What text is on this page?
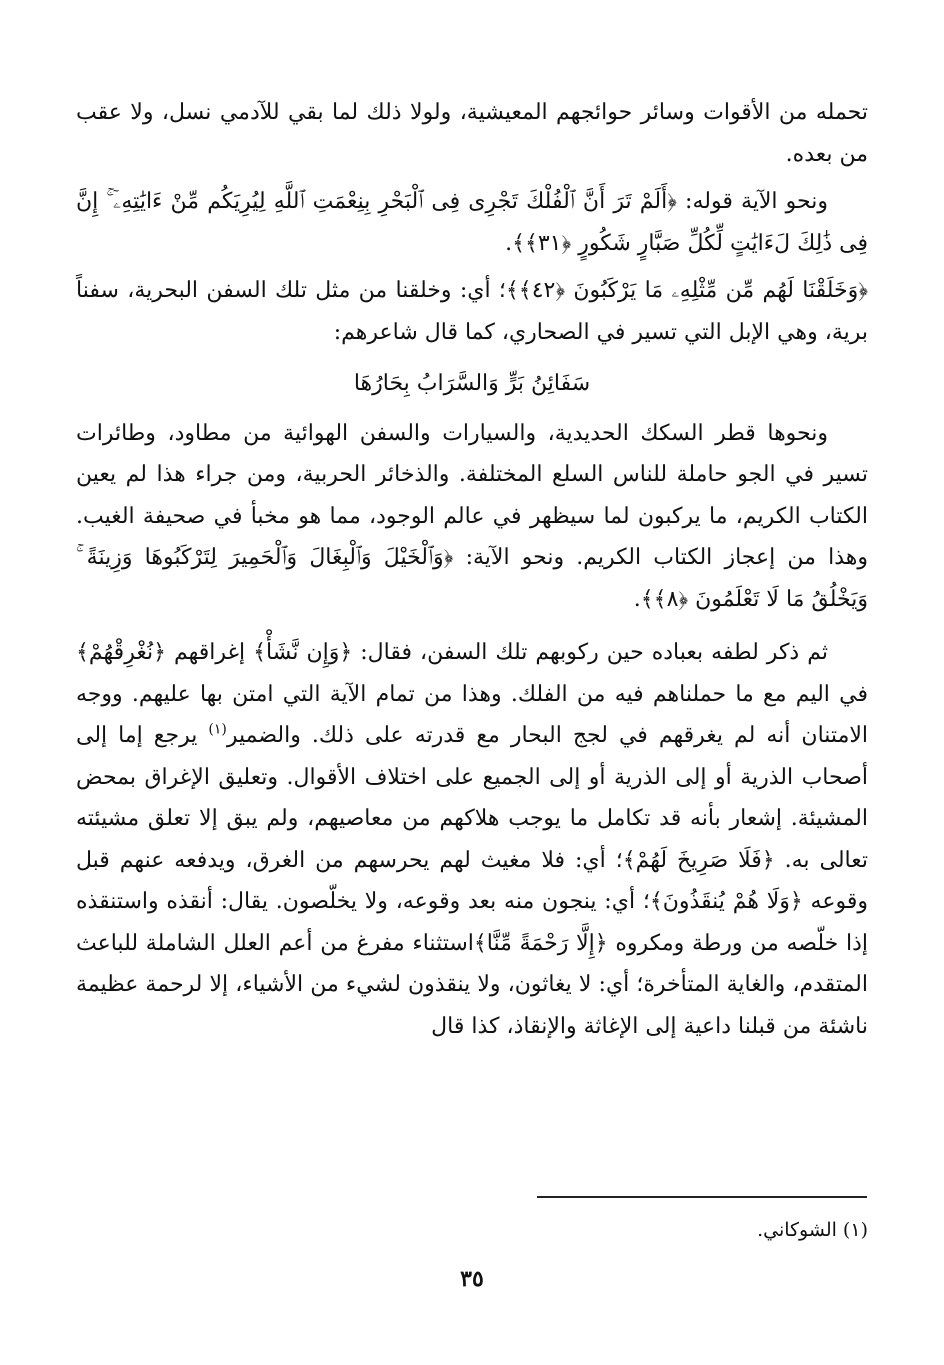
تحمله من الأقوات وسائر حوائجهم المعيشية، ولولا ذلك لما بقي للآدمي نسل، ولا عقب من بعده.

ونحو الآية قوله: ﴿أَلَمْ تَرَ أَنَّ ٱلْفُلْكَ تَجْرِى فِى ٱلْبَحْرِ بِنِعْمَتِ ٱللَّهِ لِيُرِيَكُم مِّنْ ءَايَٰتِهِۦٓ ۚ إِنَّ فِى ذَٰلِكَ لَءَايَٰتٍ لِّكُلِّ صَبَّارٍ شَكُورٍ ﴿٣١﴾﴾.

﴿وَخَلَقْنَا لَهُم مِّن مِّثْلِهِۦ مَا يَرْكَبُونَ ﴿٤٢﴾﴾؛ أي: وخلقنا من مثل تلك السفن البحرية، سفناً برية، وهي الإبل التي تسير في الصحاري، كما قال شاعرهم:

سَفَائِنُ بَرٍّ وَالسَّرَابُ بِحَارُهَا

ونحوها قطر السكك الحديدية، والسيارات والسفن الهوائية من مطاود، وطائرات تسير في الجو حاملة للناس السلع المختلفة. والذخائر الحربية، ومن جراء هذا لم يعين الكتاب الكريم، ما يركبون لما سيظهر في عالم الوجود، مما هو مخبأ في صحيفة الغيب. وهذا من إعجاز الكتاب الكريم. ونحو الآية: ﴿وَٱلْخَيْلَ وَٱلْبِغَالَ وَٱلْحَمِيرَ لِتَرْكَبُوهَا وَزِينَةً ۚ وَيَخْلُقُ مَا لَا تَعْلَمُونَ ﴿٨﴾﴾.

ثم ذكر لطفه بعباده حين ركوبهم تلك السفن، فقال: ﴿وَإِن نَّشَأْ﴾ إغراقهم ﴿نُغْرِقْهُمْ﴾ في اليم مع ما حملناهم فيه من الفلك. وهذا من تمام الآية التي امتن بها عليهم. ووجه الامتنان أنه لم يغرقهم في لجج البحار مع قدرته على ذلك. والضمير$^{(١)}$ يرجع إما إلى أصحاب الذرية أو إلى الذرية أو إلى الجميع على اختلاف الأقوال. وتعليق الإغراق بمحض المشيئة. إشعار بأنه قد تكامل ما يوجب هلاكهم من معاصيهم، ولم يبق إلا تعلق مشيئته تعالى به. ﴿فَلَا صَرِيخَ لَهُمْ﴾؛ أي: فلا مغيث لهم يحرسهم من الغرق، ويدفعه عنهم قبل وقوعه ﴿وَلَا هُمْ يُنقَذُونَ﴾؛ أي: ينجون منه بعد وقوعه، ولا يخلّصون. يقال: أنقذه واستنقذه إذا خلّصه من ورطة ومكروه ﴿إِلَّا رَحْمَةً مِّنَّا﴾استثناء مفرغ من أعم العلل الشاملة للباعث المتقدم، والغاية المتأخرة؛ أي: لا يغاثون، ولا ينقذون لشيء من الأشياء، إلا لرحمة عظيمة ناشئة من قبلنا داعية إلى الإغاثة والإنقاذ، كذا قال

(١) الشوكاني.
٣٥
